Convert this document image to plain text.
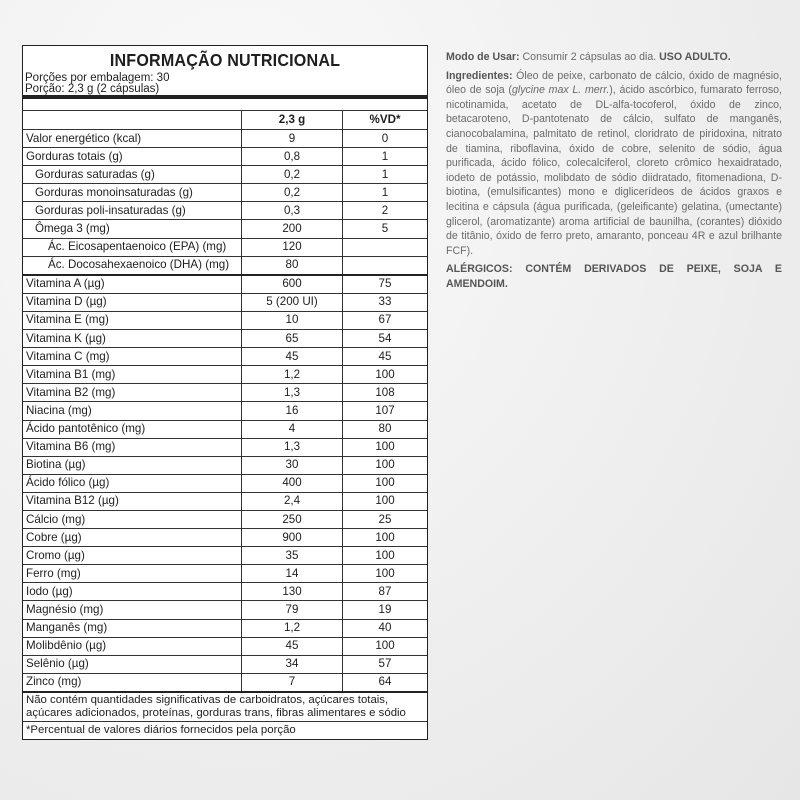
INFORMAÇÃO NUTRICIONAL
Porções por embalagem: 30
Porção: 2,3 g (2 cápsulas)
	2,3 g	%VD*
Valor energético (kcal)	9	0
Gorduras totais (g)	0,8	1
Gorduras saturadas (g)	0,2	1
Gorduras monoinsaturadas (g)	0,2	1
Gorduras poli-insaturadas (g)	0,3	2
Ômega 3 (mg)	200	5
Ác. Eicosapentaenoico (EPA) (mg)	120	
Ác. Docosahexaenoico (DHA) (mg)	80	
Vitamina A (µg)	600	75
Vitamina D (µg)	5 (200 UI)	33
Vitamina E (mg)	10	67
Vitamina K (µg)	65	54
Vitamina C (mg)	45	45
Vitamina B1 (mg)	1,2	100
Vitamina B2 (mg)	1,3	108
Niacina (mg)	16	107
Ácido pantotênico (mg)	4	80
Vitamina B6 (mg)	1,3	100
Biotina (µg)	30	100
Ácido fólico (µg)	400	100
Vitamina B12 (µg)	2,4	100
Cálcio (mg)	250	25
Cobre (µg)	900	100
Cromo (µg)	35	100
Ferro (mg)	14	100
Iodo (µg)	130	87
Magnésio (mg)	79	19
Manganês (mg)	1,2	40
Molibdênio (µg)	45	100
Selênio (µg)	34	57
Zinco (mg)	7	64
Não contém quantidades significativas de carboidratos, açúcares totais, açúcares adicionados, proteínas, gorduras trans, fibras alimentares e sódio
*Percentual de valores diários fornecidos pela porção

Modo de Usar: Consumir 2 cápsulas ao dia. USO ADULTO.

Ingredientes: Óleo de peixe, carbonato de cálcio, óxido de magnésio, óleo de soja (glycine max L. merr.), ácido ascórbico, fumarato ferroso, nicotinamida, acetato de DL-alfa-tocoferol, óxido de zinco, betacaroteno, D-pantotenato de cálcio, sulfato de manganês, cianocobalamina, palmitato de retinol, cloridrato de piridoxina, nitrato de tiamina, riboflavina, óxido de cobre, selenito de sódio, água purificada, ácido fólico, colecalciferol, cloreto crômico hexaidratado, iodeto de potássio, molibdato de sódio diidratado, fitomenadiona, D-biotina, (emulsificantes) mono e diglicerídeos de ácidos graxos e lecitina e cápsula (água purificada, (geleificante) gelatina, (umectante) glicerol, (aromatizante) aroma artificial de baunilha, (corantes) dióxido de titânio, óxido de ferro preto, amaranto, ponceau 4R e azul brilhante FCF).

ALÉRGICOS: CONTÉM DERIVADOS DE PEIXE, SOJA E AMENDOIM.
